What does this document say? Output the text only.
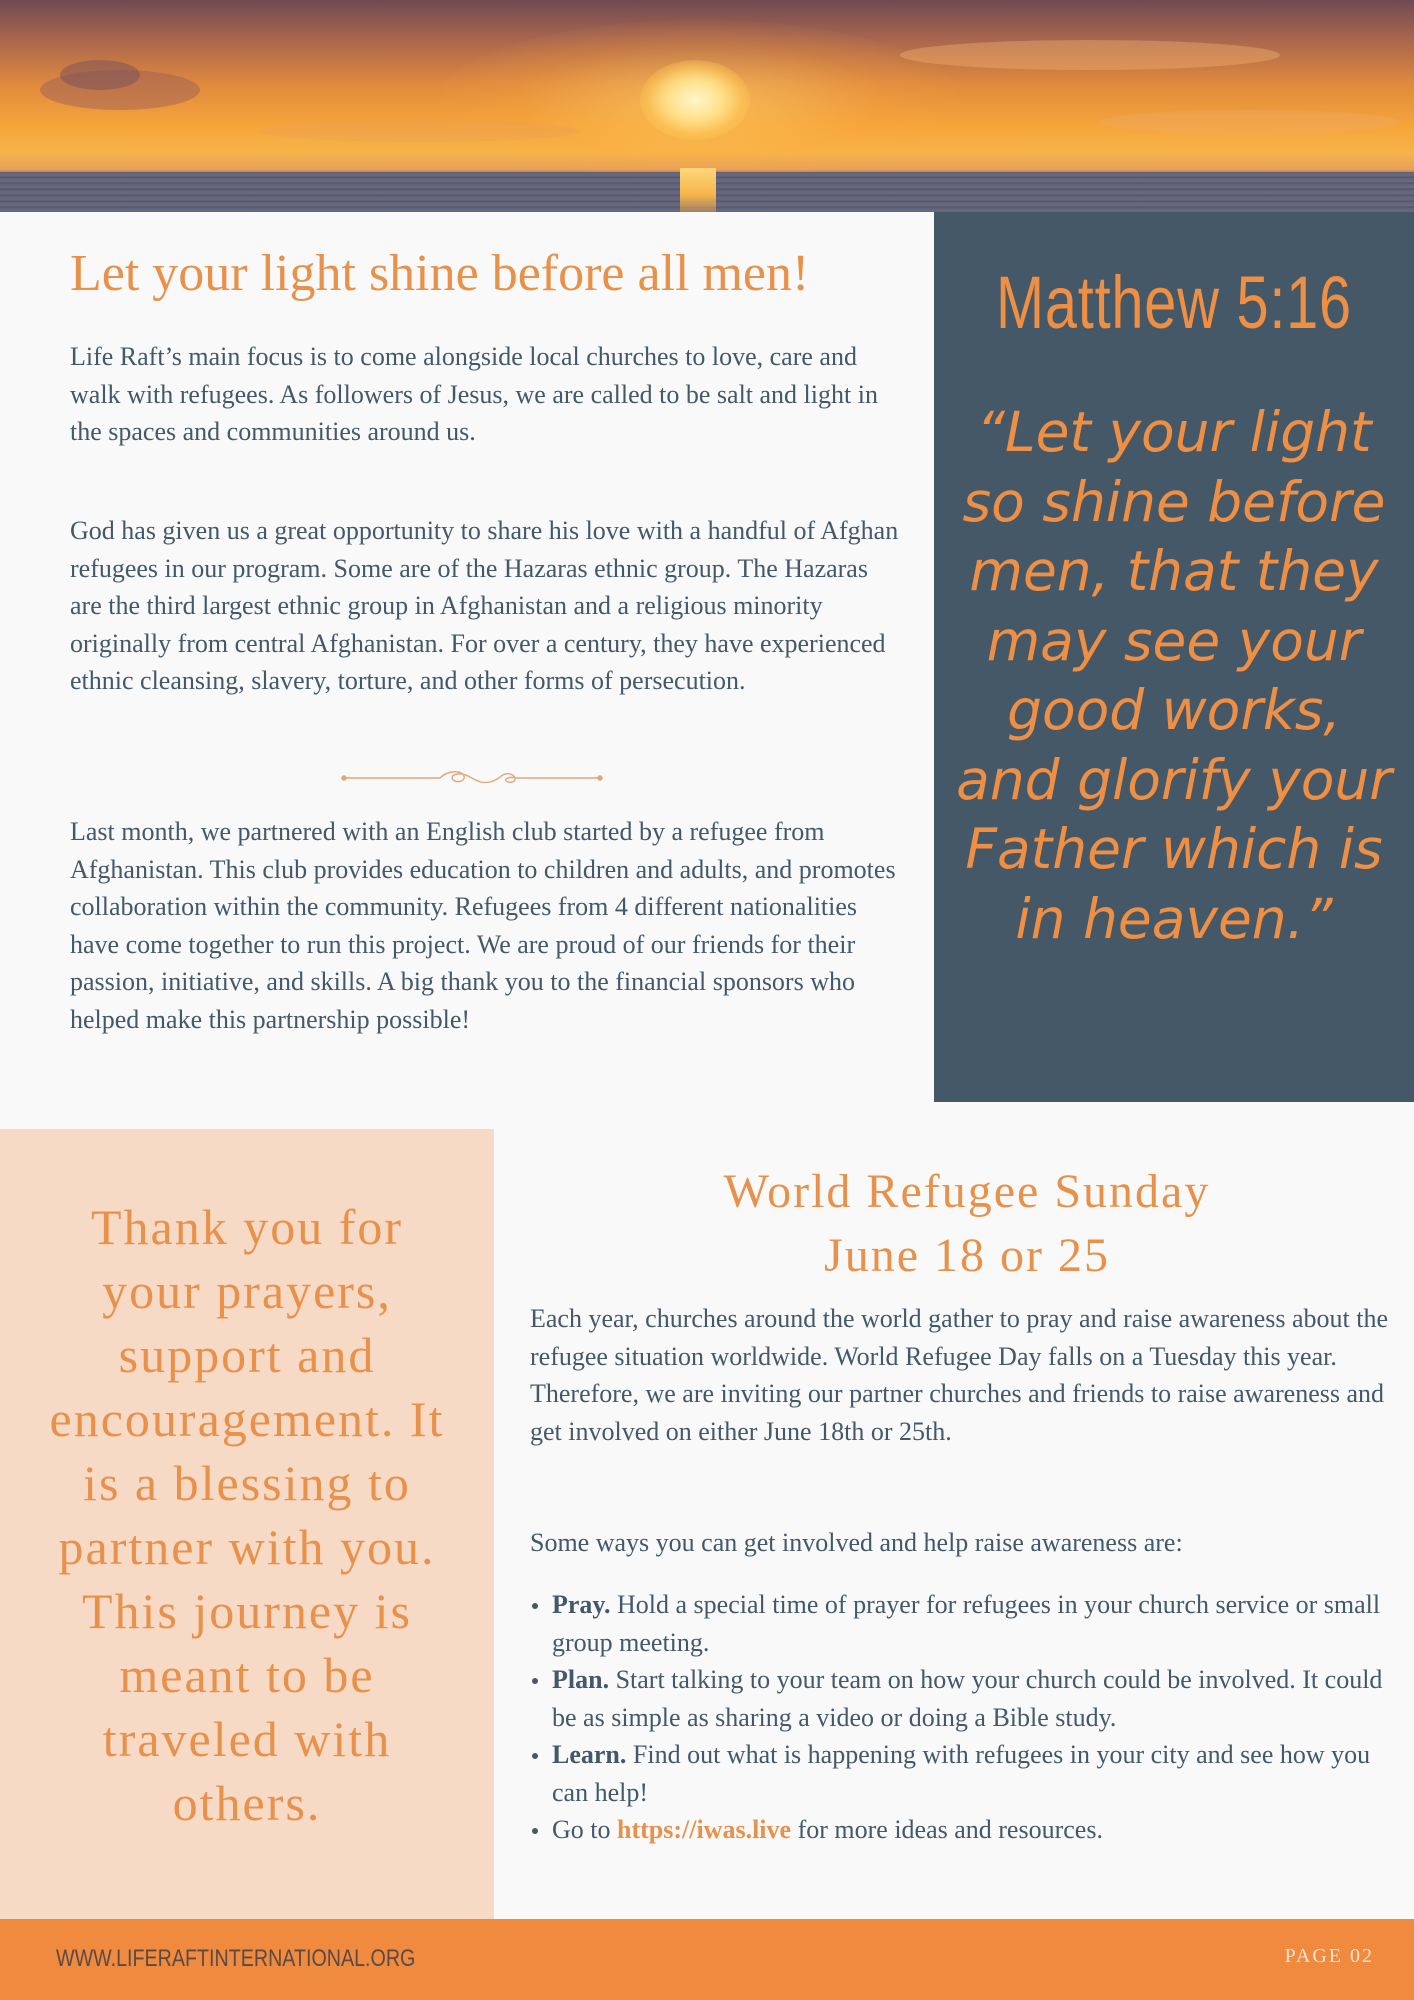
Let your light shine before all men!

Life Raft’s main focus is to come alongside local churches to love, care and walk with refugees. As followers of Jesus, we are called to be salt and light in the spaces and communities around us.

God has given us a great opportunity to share his love with a handful of Afghan refugees in our program. Some are of the Hazaras ethnic group. The Hazaras are the third largest ethnic group in Afghanistan and a religious minority originally from central Afghanistan. For over a century, they have experienced ethnic cleansing, slavery, torture, and other forms of persecution.

Last month, we partnered with an English club started by a refugee from Afghanistan. This club provides education to children and adults, and promotes collaboration within the community. Refugees from 4 different nationalities have come together to run this project. We are proud of our friends for their passion, initiative, and skills. A big thank you to the financial sponsors who helped make this partnership possible!

Matthew 5:16

“Let your light so shine before men, that they may see your good works, and glorify your Father which is in heaven.”

Thank you for your prayers, support and encouragement. It is a blessing to partner with you. This journey is meant to be traveled with others.

World Refugee Sunday
June 18 or 25

Each year, churches around the world gather to pray and raise awareness about the refugee situation worldwide. World Refugee Day falls on a Tuesday this year. Therefore, we are inviting our partner churches and friends to raise awareness and get involved on either June 18th or 25th.

Some ways you can get involved and help raise awareness are:

Pray. Hold a special time of prayer for refugees in your church service or small group meeting.
Plan. Start talking to your team on how your church could be involved. It could be as simple as sharing a video or doing a Bible study.
Learn. Find out what is happening with refugees in your city and see how you can help!
Go to https://iwas.live for more ideas and resources.
WWW.LIFERAFTINTERNATIONAL.ORG	PAGE 02
